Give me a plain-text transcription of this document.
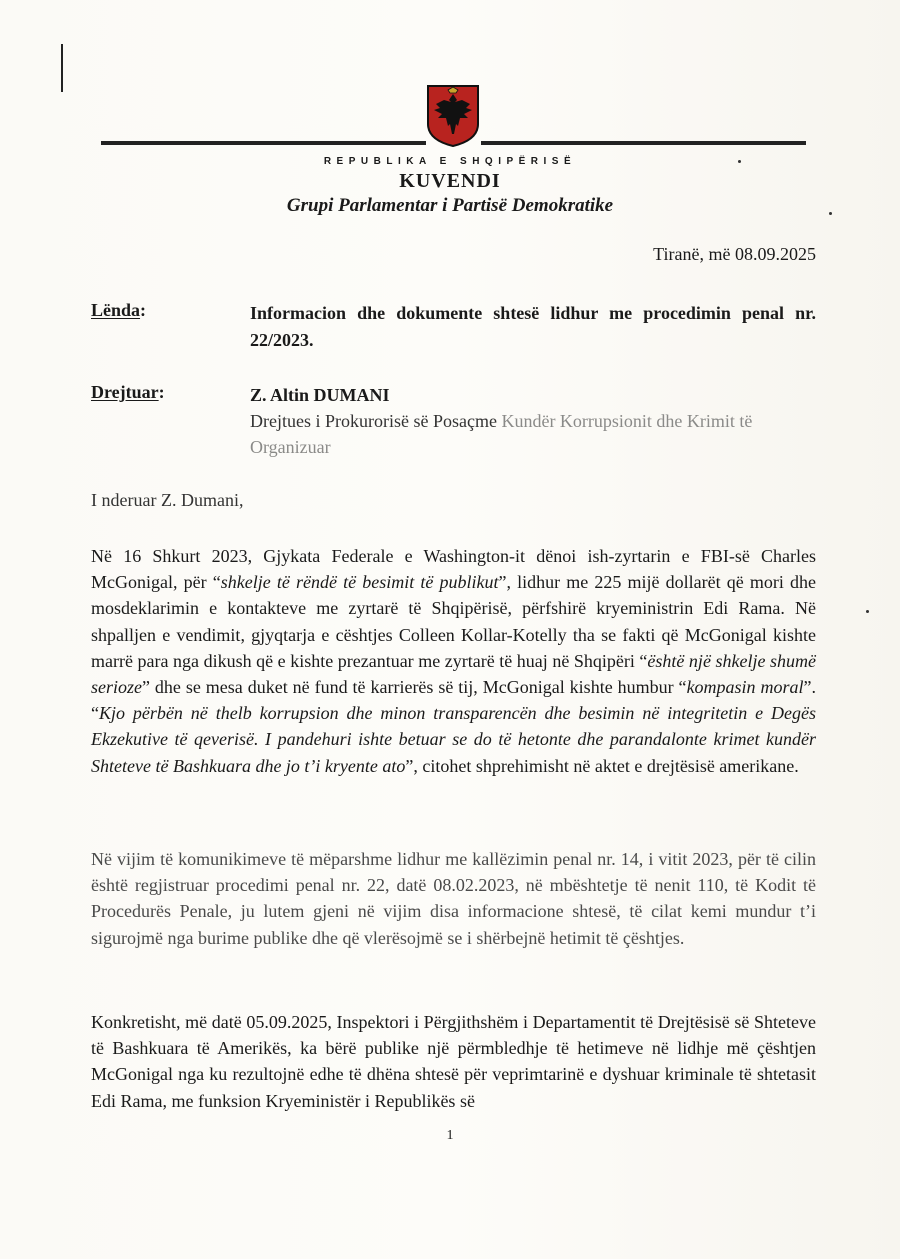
REPUBLIKA E SHQIPËRISË
KUVENDI
Grupi Parlamentar i Partisë Demokratike
Tiranë, më 08.09.2025
Lënda:	Informacion dhe dokumente shtesë lidhur me procedimin penal nr. 22/2023.
Drejtuar:	Z. Altin DUMANI
Drejtues i Prokurorisë së Posaçme Kundër Korrupsionit dhe Krimit të Organizuar
I nderuar Z. Dumani,
Në 16 Shkurt 2023, Gjykata Federale e Washington-it dënoi ish-zyrtarin e FBI-së Charles McGonigal, për “shkelje të rëndë të besimit të publikut”, lidhur me 225 mijë dollarët që mori dhe mosdeklarimin e kontakteve me zyrtarë të Shqipërisë, përfshirë kryeministrin Edi Rama. Në shpalljen e vendimit, gjyqtarja e cështjes Colleen Kollar-Kotelly tha se fakti që McGonigal kishte marrë para nga dikush që e kishte prezantuar me zyrtarë të huaj në Shqipëri “është një shkelje shumë serioze” dhe se mesa duket në fund të karrierës së tij, McGonigal kishte humbur “kompasin moral”. “Kjo përbën në thelb korrupsion dhe minon transparencën dhe besimin në integritetin e Degës Ekzekutive të qeverisë. I pandehuri ishte betuar se do të hetonte dhe parandalonte krimet kundër Shteteve të Bashkuara dhe jo t’i kryente ato”, citohet shprehimisht në aktet e drejtësisë amerikane.
Në vijim të komunikimeve të mëparshme lidhur me kallëzimin penal nr. 14, i vitit 2023, për të cilin është regjistruar procedimi penal nr. 22, datë 08.02.2023, në mbështetje të nenit 110, të Kodit të Procedurës Penale, ju lutem gjeni në vijim disa informacione shtesë, të cilat kemi mundur t’i sigurojmë nga burime publike dhe që vlerësojmë se i shërbejnë hetimit të çështjes.
Konkretisht, më datë 05.09.2025, Inspektori i Përgjithshëm i Departamentit të Drejtësisë së Shteteve të Bashkuara të Amerikës, ka bërë publike një përmbledhje të hetimeve në lidhje më çështjen McGonigal nga ku rezultojnë edhe të dhëna shtesë për veprimtarinë e dyshuar kriminale të shtetasit Edi Rama, me funksion Kryeministër i Republikës së
1
